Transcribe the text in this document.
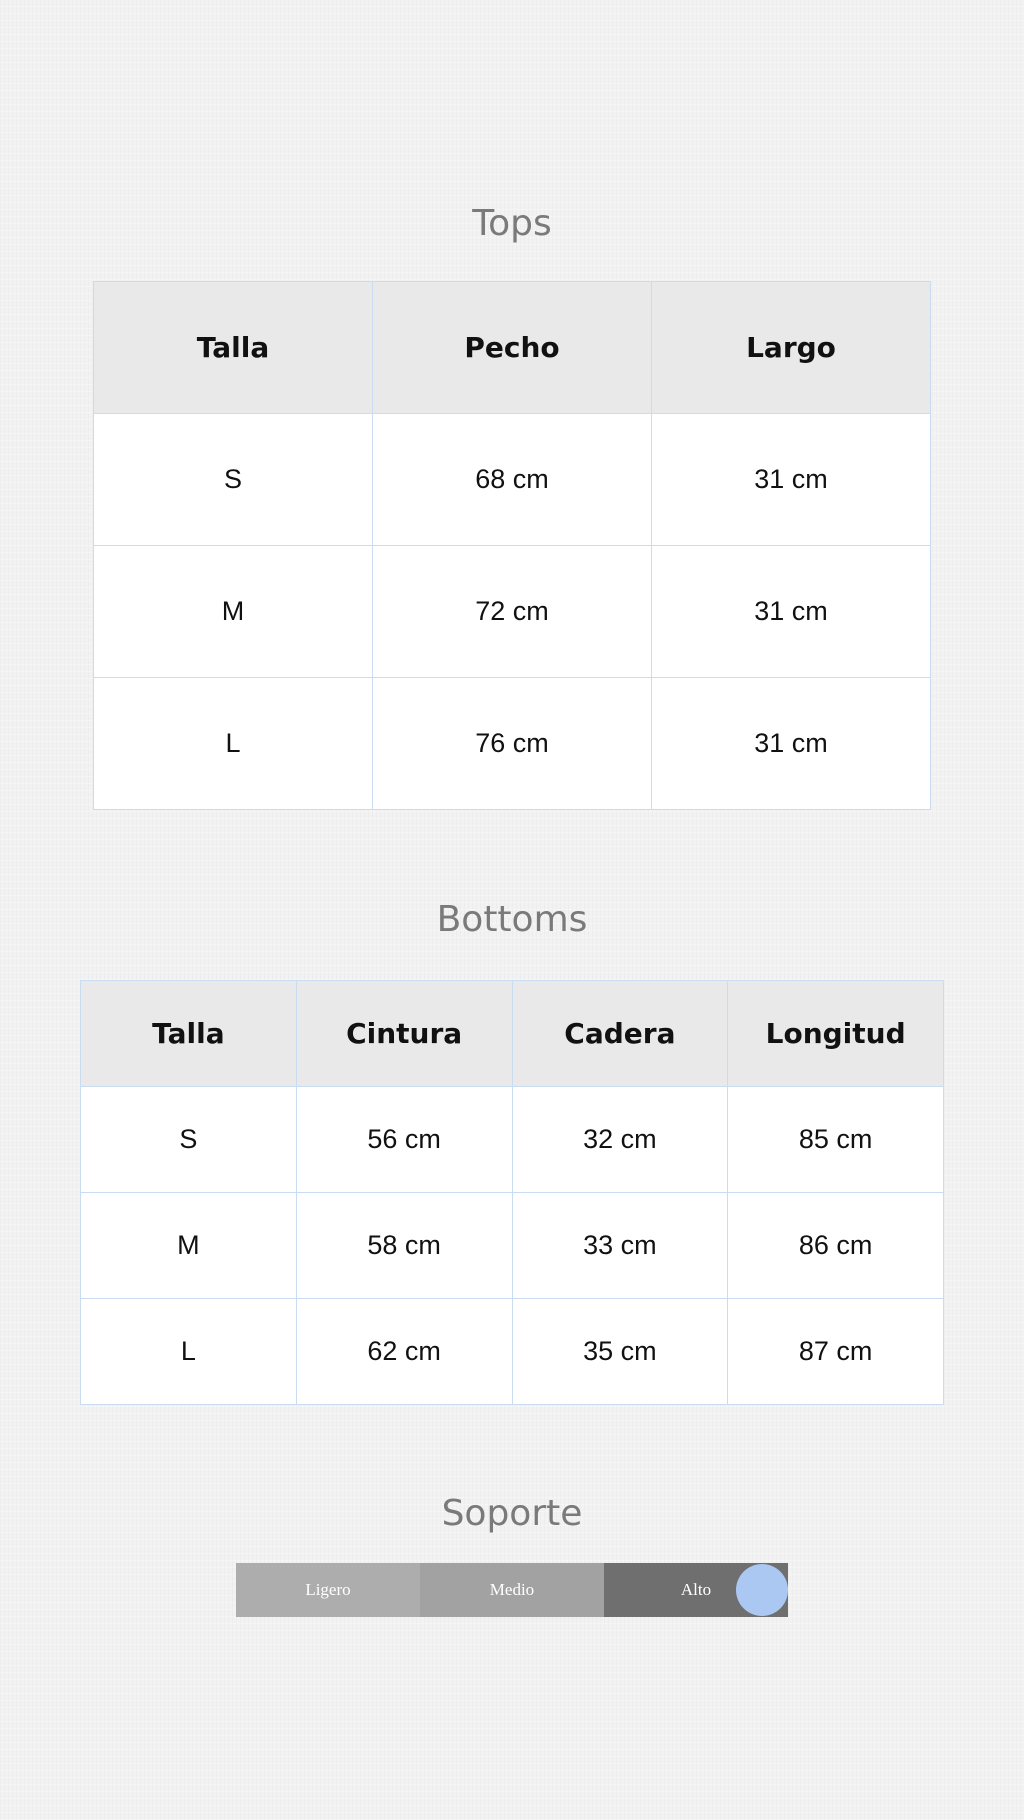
Tops
Talla	Pecho	Largo
S	68 cm	31 cm
M	72 cm	31 cm
L	76 cm	31 cm
Bottoms
Talla	Cintura	Cadera	Longitud
S	56 cm	32 cm	85 cm
M	58 cm	33 cm	86 cm
L	62 cm	35 cm	87 cm
Soporte
Ligero	Medio	Alto
